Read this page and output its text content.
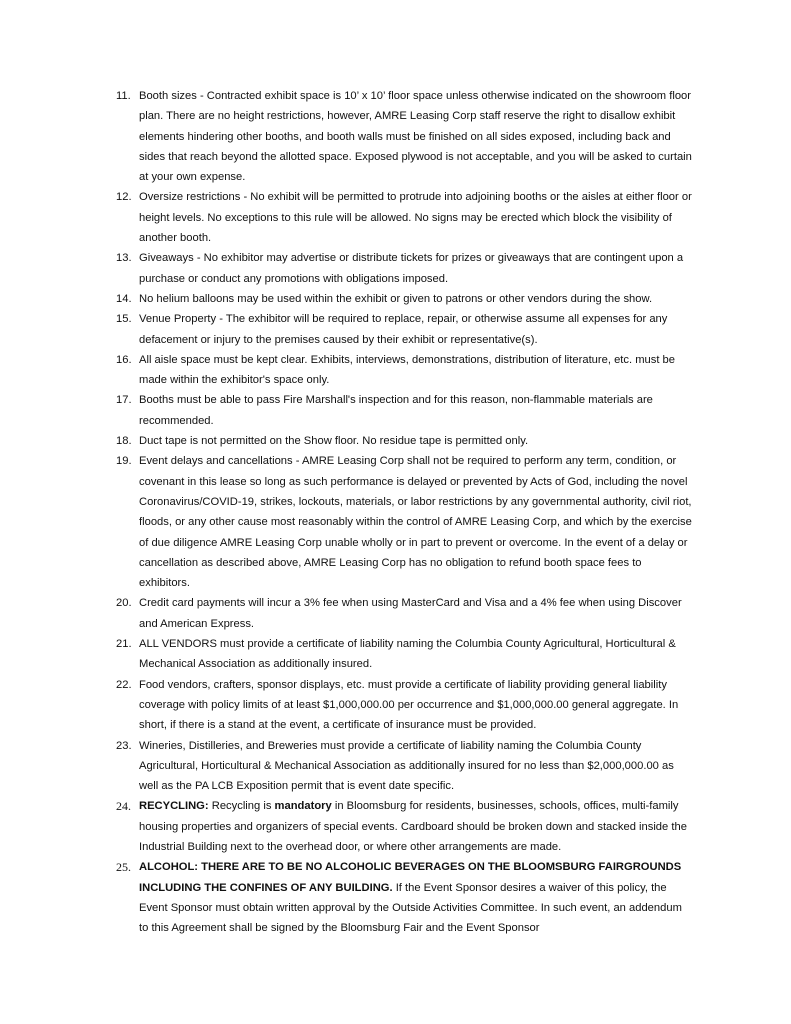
11. Booth sizes - Contracted exhibit space is 10’ x 10’ floor space unless otherwise indicated on the showroom floor plan. There are no height restrictions, however, AMRE Leasing Corp staff reserve the right to disallow exhibit elements hindering other booths, and booth walls must be finished on all sides exposed, including back and sides that reach beyond the allotted space. Exposed plywood is not acceptable, and you will be asked to curtain at your own expense.
12. Oversize restrictions - No exhibit will be permitted to protrude into adjoining booths or the aisles at either floor or height levels. No exceptions to this rule will be allowed. No signs may be erected which block the visibility of another booth.
13. Giveaways - No exhibitor may advertise or distribute tickets for prizes or giveaways that are contingent upon a purchase or conduct any promotions with obligations imposed.
14. No helium balloons may be used within the exhibit or given to patrons or other vendors during the show.
15. Venue Property - The exhibitor will be required to replace, repair, or otherwise assume all expenses for any defacement or injury to the premises caused by their exhibit or representative(s).
16. All aisle space must be kept clear. Exhibits, interviews, demonstrations, distribution of literature, etc. must be made within the exhibitor's space only.
17. Booths must be able to pass Fire Marshall's inspection and for this reason, non-flammable materials are recommended.
18. Duct tape is not permitted on the Show floor. No residue tape is permitted only.
19. Event delays and cancellations - AMRE Leasing Corp shall not be required to perform any term, condition, or covenant in this lease so long as such performance is delayed or prevented by Acts of God, including the novel Coronavirus/COVID-19, strikes, lockouts, materials, or labor restrictions by any governmental authority, civil riot, floods, or any other cause most reasonably within the control of AMRE Leasing Corp, and which by the exercise of due diligence AMRE Leasing Corp unable wholly or in part to prevent or overcome. In the event of a delay or cancellation as described above, AMRE Leasing Corp has no obligation to refund booth space fees to exhibitors.
20. Credit card payments will incur a 3% fee when using MasterCard and Visa and a 4% fee when using Discover and American Express.
21. ALL VENDORS must provide a certificate of liability naming the Columbia County Agricultural, Horticultural & Mechanical Association as additionally insured.
22. Food vendors, crafters, sponsor displays, etc. must provide a certificate of liability providing general liability coverage with policy limits of at least $1,000,000.00 per occurrence and $1,000,000.00 general aggregate. In short, if there is a stand at the event, a certificate of insurance must be provided.
23. Wineries, Distilleries, and Breweries must provide a certificate of liability naming the Columbia County Agricultural, Horticultural & Mechanical Association as additionally insured for no less than $2,000,000.00 as well as the PA LCB Exposition permit that is event date specific.
24. RECYCLING: Recycling is mandatory in Bloomsburg for residents, businesses, schools, offices, multi-family housing properties and organizers of special events. Cardboard should be broken down and stacked inside the Industrial Building next to the overhead door, or where other arrangements are made.
25. ALCOHOL: THERE ARE TO BE NO ALCOHOLIC BEVERAGES ON THE BLOOMSBURG FAIRGROUNDS INCLUDING THE CONFINES OF ANY BUILDING. If the Event Sponsor desires a waiver of this policy, the Event Sponsor must obtain written approval by the Outside Activities Committee. In such event, an addendum to this Agreement shall be signed by the Bloomsburg Fair and the Event Sponsor
